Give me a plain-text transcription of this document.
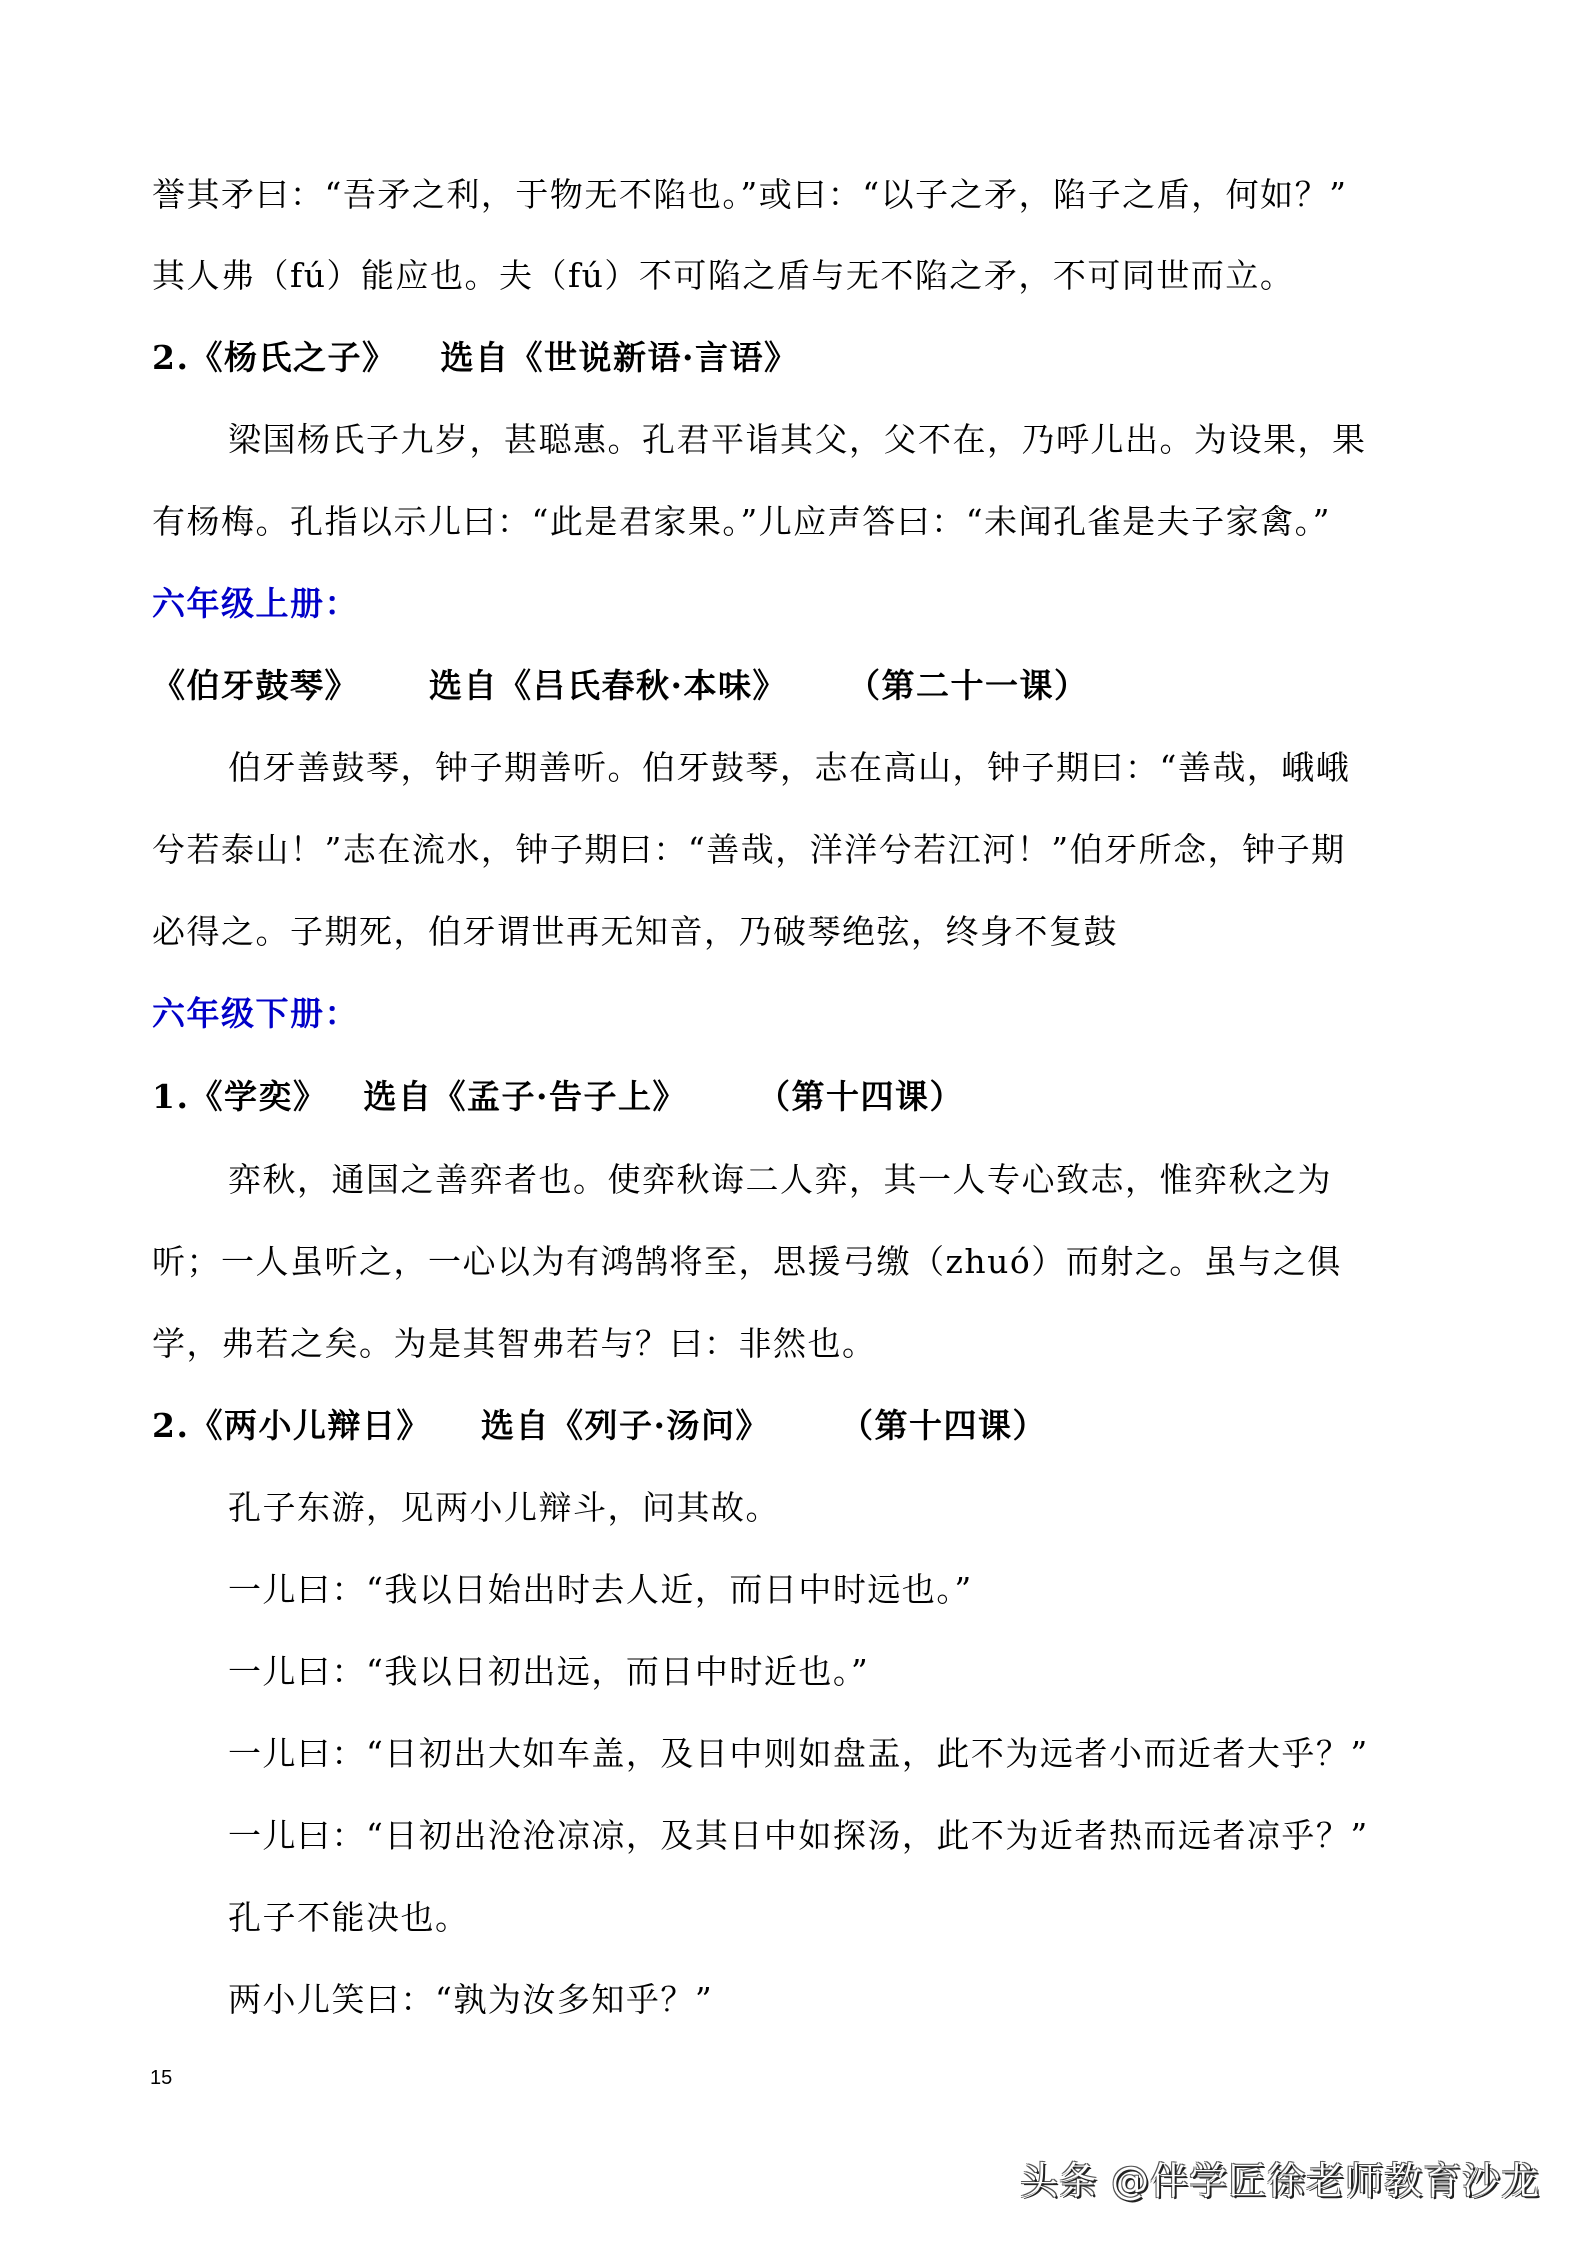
誉其矛曰：“吾矛之利，于物无不陷也。”或曰：“以子之矛，陷子之盾，何如？”
其人弗（fú）能应也。夫（fú）不可陷之盾与无不陷之矛，不可同世而立。
2.《杨氏之子》 选自《世说新语·言语》
梁国杨氏子九岁，甚聪惠。孔君平诣其父，父不在，乃呼儿出。为设果，果
有杨梅。孔指以示儿曰：“此是君家果。”儿应声答曰：“未闻孔雀是夫子家禽。”
六年级上册：
《伯牙鼓琴》 选自《吕氏春秋·本味》 （第二十一课）
伯牙善鼓琴，钟子期善听。伯牙鼓琴，志在高山，钟子期曰：“善哉，峨峨
兮若泰山！”志在流水，钟子期曰：“善哉，洋洋兮若江河！”伯牙所念，钟子期
必得之。子期死，伯牙谓世再无知音，乃破琴绝弦，终身不复鼓
六年级下册：
1.《学奕》 选自《孟子·告子上》 （第十四课）
弈秋，通国之善弈者也。使弈秋诲二人弈，其一人专心致志，惟弈秋之为
听；一人虽听之，一心以为有鸿鹄将至，思援弓缴（zhuó）而射之。虽与之俱
学，弗若之矣。为是其智弗若与？曰：非然也。
2.《两小儿辩日》 选自《列子·汤问》 （第十四课）
孔子东游，见两小儿辩斗，问其故。
一儿曰：“我以日始出时去人近，而日中时远也。”
一儿曰：“我以日初出远，而日中时近也。”
一儿曰：“日初出大如车盖，及日中则如盘盂，此不为远者小而近者大乎？”
一儿曰：“日初出沧沧凉凉，及其日中如探汤，此不为近者热而远者凉乎？”
孔子不能决也。
两小儿笑曰：“孰为汝多知乎？”
15
头条 @伴学匠徐老师教育沙龙
